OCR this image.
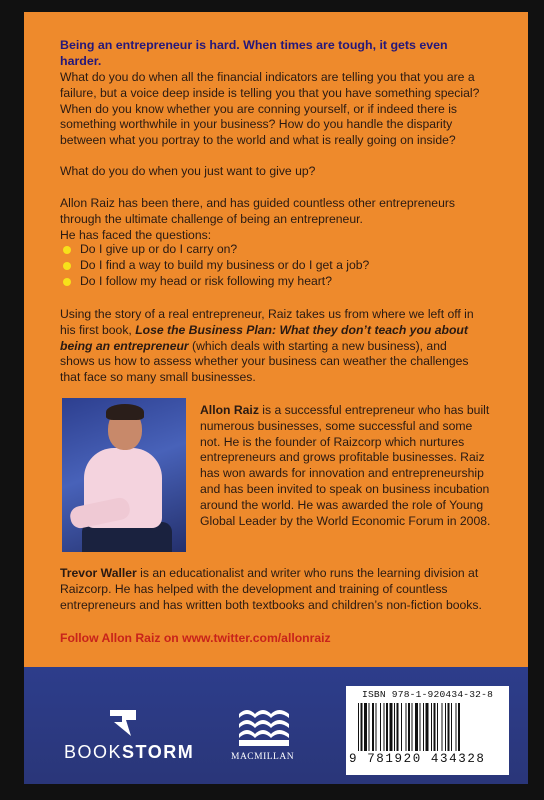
Being an entrepreneur is hard. When times are tough, it gets even harder.
What do you do when all the financial indicators are telling you that you are a failure, but a voice deep inside is telling you that you have something special? When do you know whether you are conning yourself, or if indeed there is something worthwhile in your business? How do you handle the disparity between what you portray to the world and what is really going on inside?
What do you do when you just want to give up?
Allon Raiz has been there, and has guided countless other entrepreneurs through the ultimate challenge of being an entrepreneur.
He has faced the questions:
Do I give up or do I carry on?
Do I find a way to build my business or do I get a job?
Do I follow my head or risk following my heart?
Using the story of a real entrepreneur, Raiz takes us from where we left off in his first book, Lose the Business Plan: What they don’t teach you about being an entrepreneur (which deals with starting a new business), and shows us how to assess whether your business can weather the challenges that face so many small businesses.
Allon Raiz is a successful entrepreneur who has built numerous businesses, some successful and some not. He is the founder of Raizcorp which nurtures entrepreneurs and grows profitable businesses. Raiz has won awards for innovation and entrepreneurship and has been invited to speak on business incubation around the world. He was awarded the role of Young Global Leader by the World Economic Forum in 2008.
Trevor Waller is an educationalist and writer who runs the learning division at Raizcorp. He has helped with the development and training of countless entrepreneurs and has written both textbooks and children’s non-fiction books.
Follow Allon Raiz on www.twitter.com/allonraiz
BOOKSTORM	MACMILLAN
ISBN 978-1-920434-32-8
9 781920 434328
